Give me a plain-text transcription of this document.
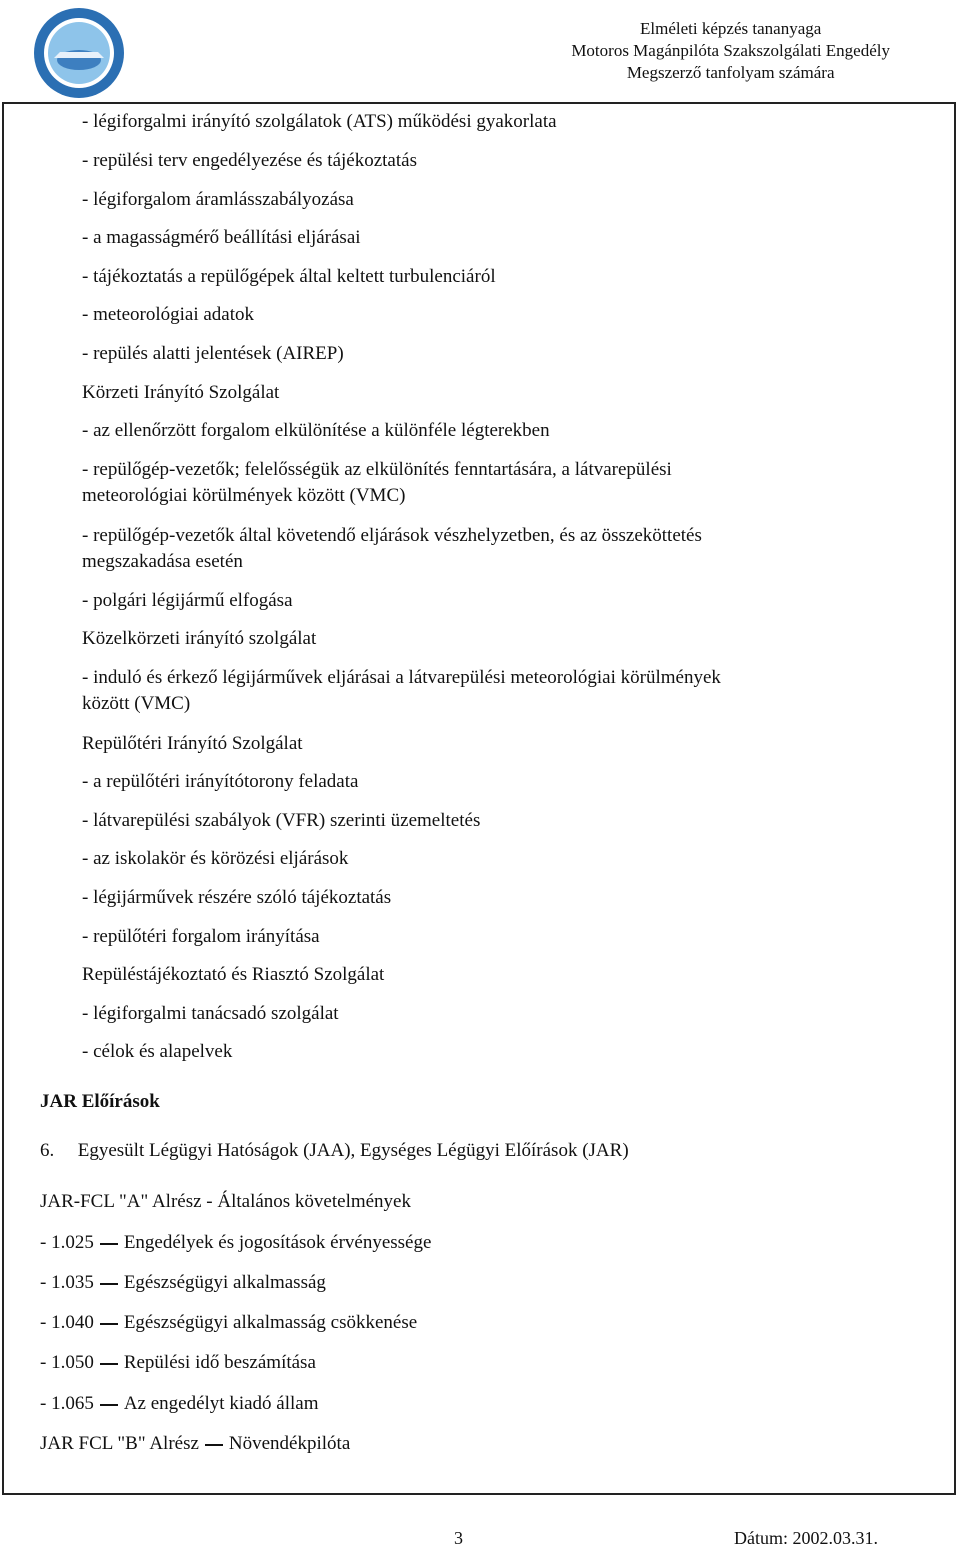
Elméleti képzés tananyaga
Motoros Magánpilóta Szakszolgálati Engedély
Megszerző tanfolyam számára
- légiforgalmi irányító szolgálatok (ATS) működési gyakorlata
- repülési terv engedélyezése és tájékoztatás
- légiforgalom áramlásszabályozása
- a magasságmérő beállítási eljárásai
- tájékoztatás a repülőgépek által keltett turbulenciáról
- meteorológiai adatok
- repülés alatti jelentések (AIREP)
Körzeti Irányító Szolgálat
- az ellenőrzött forgalom elkülönítése a különféle légterekben
- repülőgép-vezetők; felelősségük az elkülönítés fenntartására, a látvarepülési
meteorológiai körülmények között (VMC)
- repülőgép-vezetők által követendő eljárások vészhelyzetben, és az összeköttetés
megszakadása esetén
- polgári légijármű elfogása
Közelkörzeti irányító szolgálat
- induló és érkező légijárművek eljárásai a látvarepülési meteorológiai körülmények
között (VMC)
Repülőtéri Irányító Szolgálat
- a repülőtéri irányítótorony feladata
- látvarepülési szabályok (VFR) szerinti üzemeltetés
- az iskolakör és körözési eljárások
- légijárművek részére szóló tájékoztatás
- repülőtéri forgalom irányítása
Repüléstájékoztató és Riasztó Szolgálat
- légiforgalmi tanácsadó szolgálat
- célok és alapelvek
JAR Előírások
6. Egyesült Légügyi Hatóságok (JAA), Egységes Légügyi Előírások (JAR)
JAR-FCL "A" Alrész - Általános követelmények
- 1.025 Engedélyek és jogosítások érvényessége
- 1.035 Egészségügyi alkalmasság
- 1.040 Egészségügyi alkalmasság csökkenése
- 1.050 Repülési idő beszámítása
- 1.065 Az engedélyt kiadó állam
JAR FCL "B" Alrész Növendékpilóta
3	Dátum: 2002.03.31.
